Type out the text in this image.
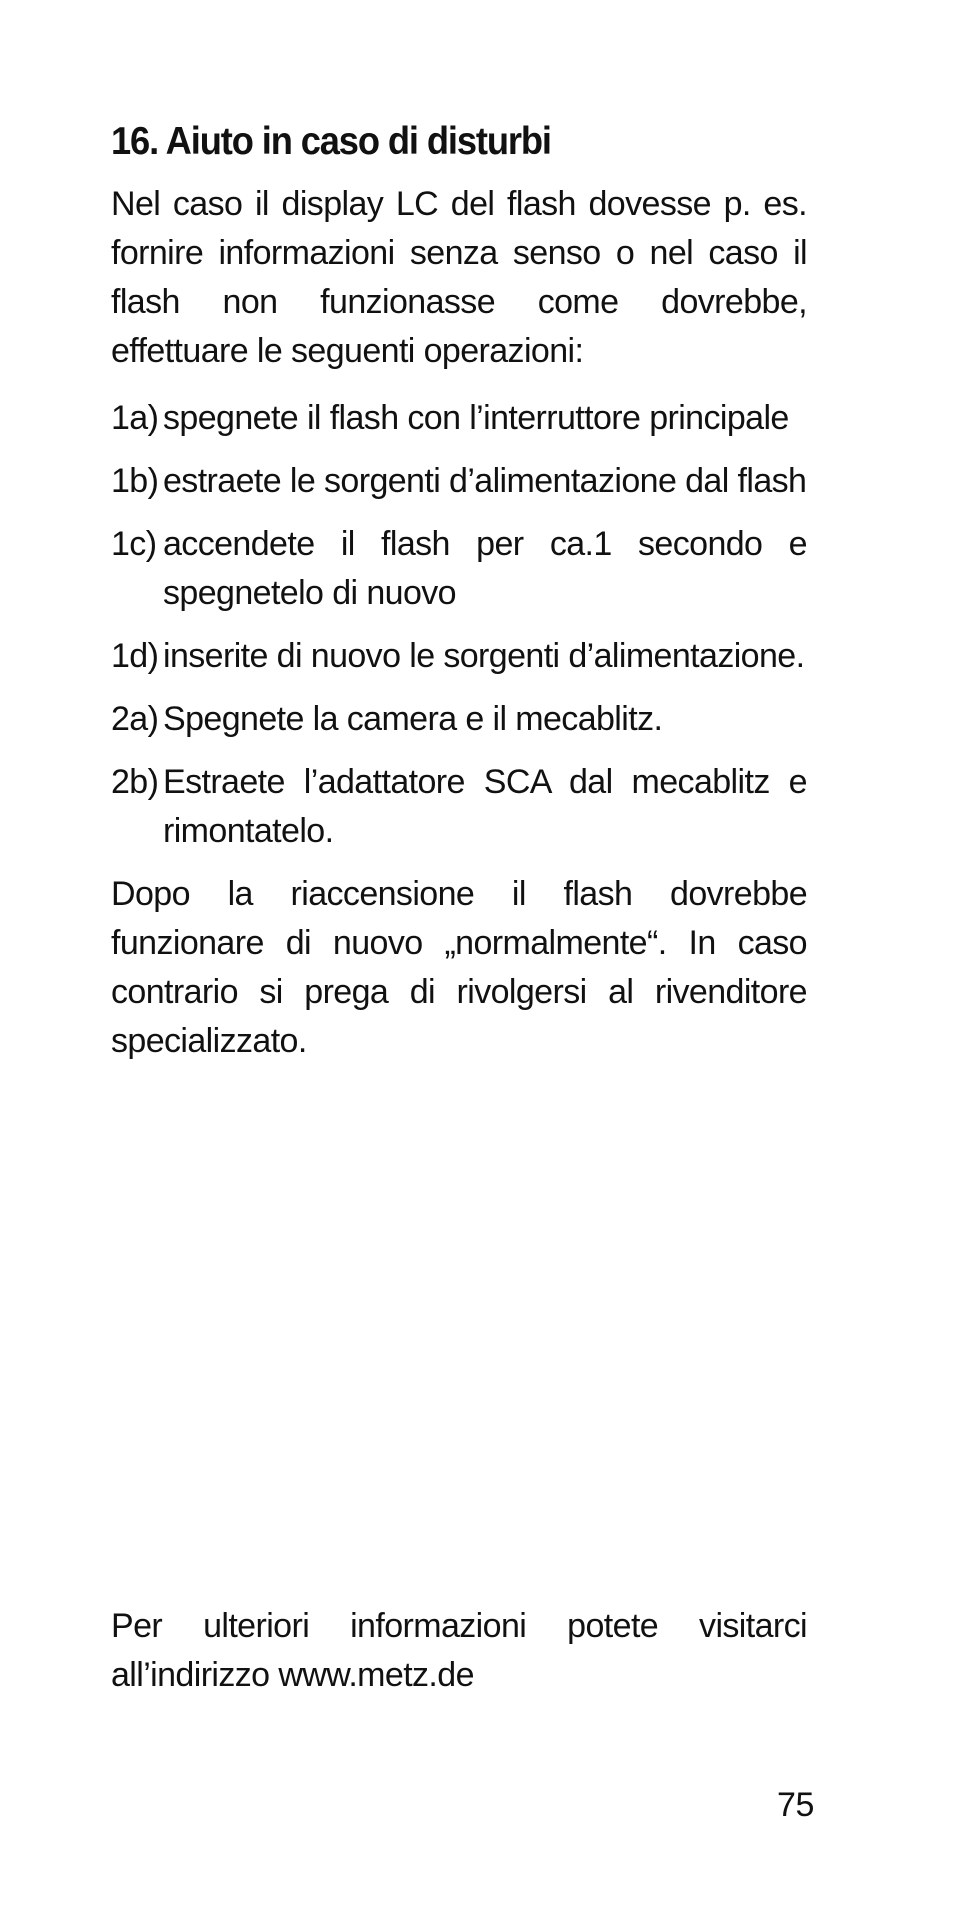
16. Aiuto in caso di disturbi

Nel caso il display LC del flash dovesse p. es. fornire informazioni senza senso o nel caso il flash non funzionasse come dovrebbe, effettuare le seguenti operazioni:

1a) spegnete il flash con l’interruttore principale
1b) estraete le sorgenti d’alimentazione dal flash
1c) accendete il flash per ca.1 secondo e spegnetelo di nuovo
1d) inserite di nuovo le sorgenti d’alimentazione.
2a) Spegnete la camera e il mecablitz.
2b) Estraete l’adattatore SCA dal mecablitz e rimontatelo.

Dopo la riaccensione il flash dovrebbe funzionare di nuovo „normalmente“. In caso contrario si prega di rivolgersi al rivenditore specializzato.

Per ulteriori informazioni potete visitarci all’indirizzo www.metz.de

75
